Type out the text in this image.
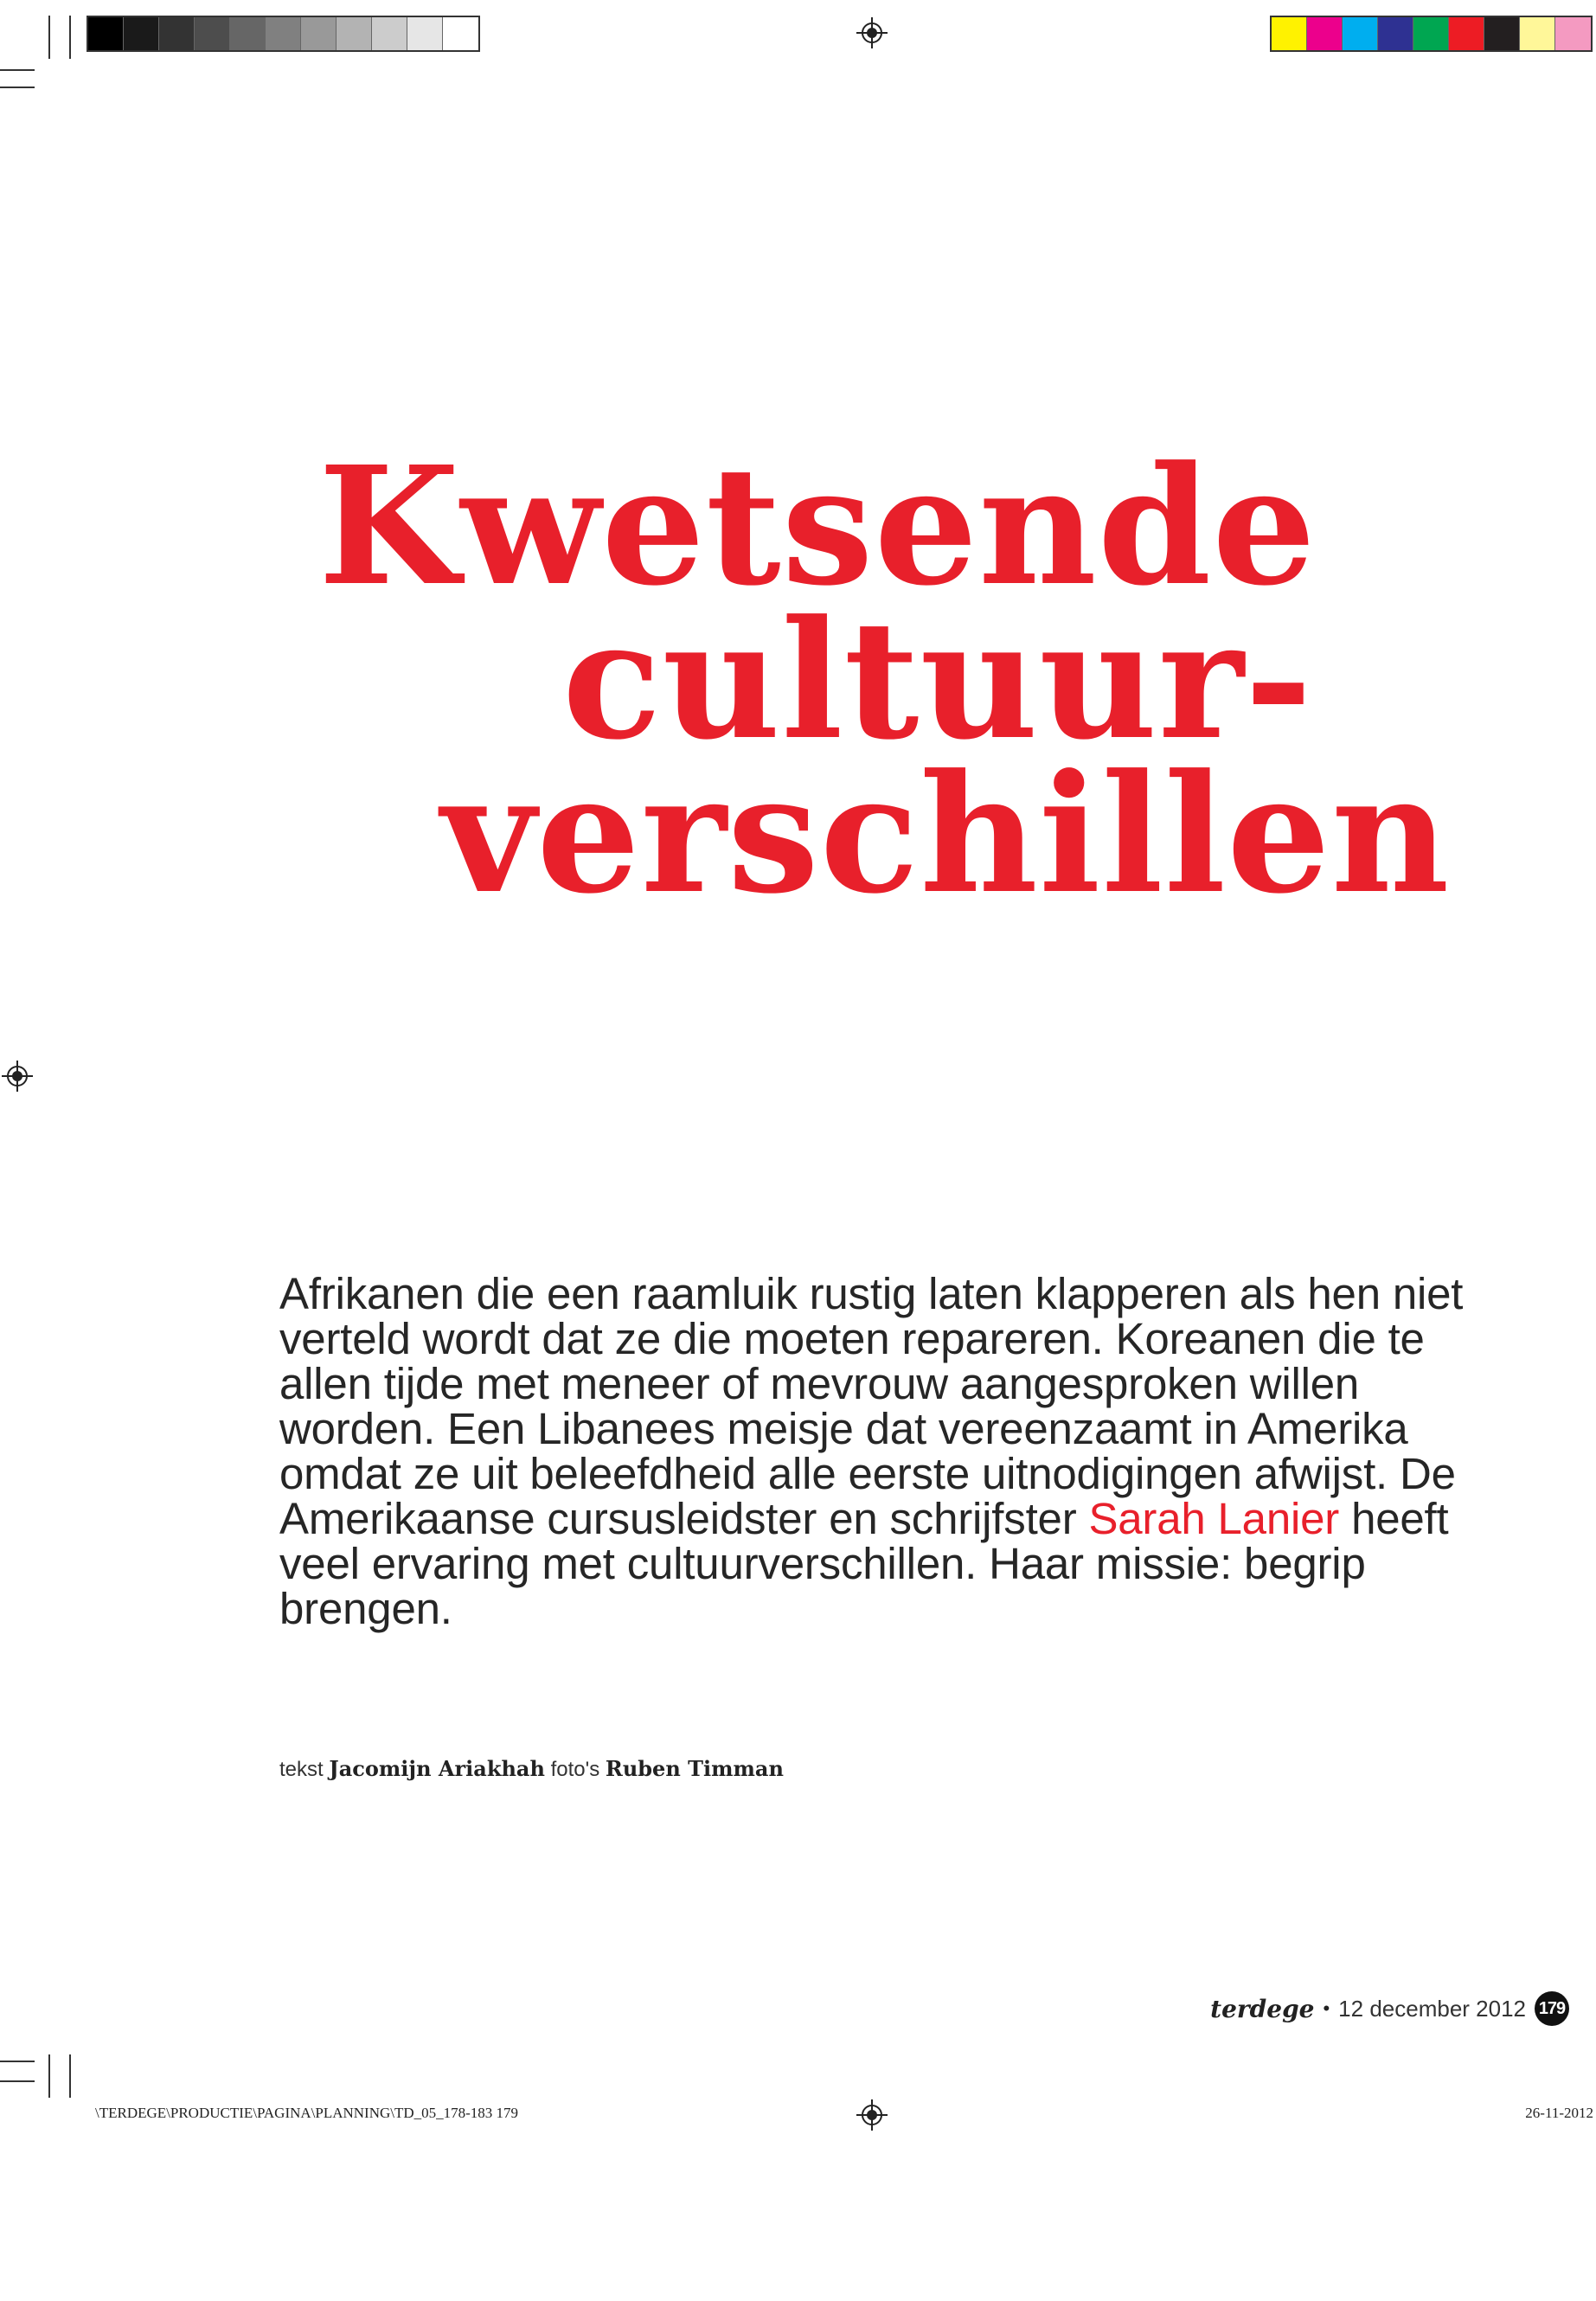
Kwetsende
cultuur-
verschillen

Afrikanen die een raamluik rustig laten klapperen als hen niet verteld wordt dat ze die moeten repareren. Koreanen die te allen tijde met meneer of mevrouw aangesproken willen worden. Een Libanees meisje dat vereenzaamt in Amerika omdat ze uit beleefdheid alle eerste uitnodigingen afwijst. De Amerikaanse cursusleidster en schrijfster Sarah Lanier heeft veel ervaring met cultuurverschillen. Haar missie: begrip brengen.

tekst Jacomijn Ariakhah foto's Ruben Timman

terdege • 12 december 2012 179
\TERDEGE\PRODUCTIE\PAGINA\PLANNING\TD_05_178-183 179	26-11-2012
